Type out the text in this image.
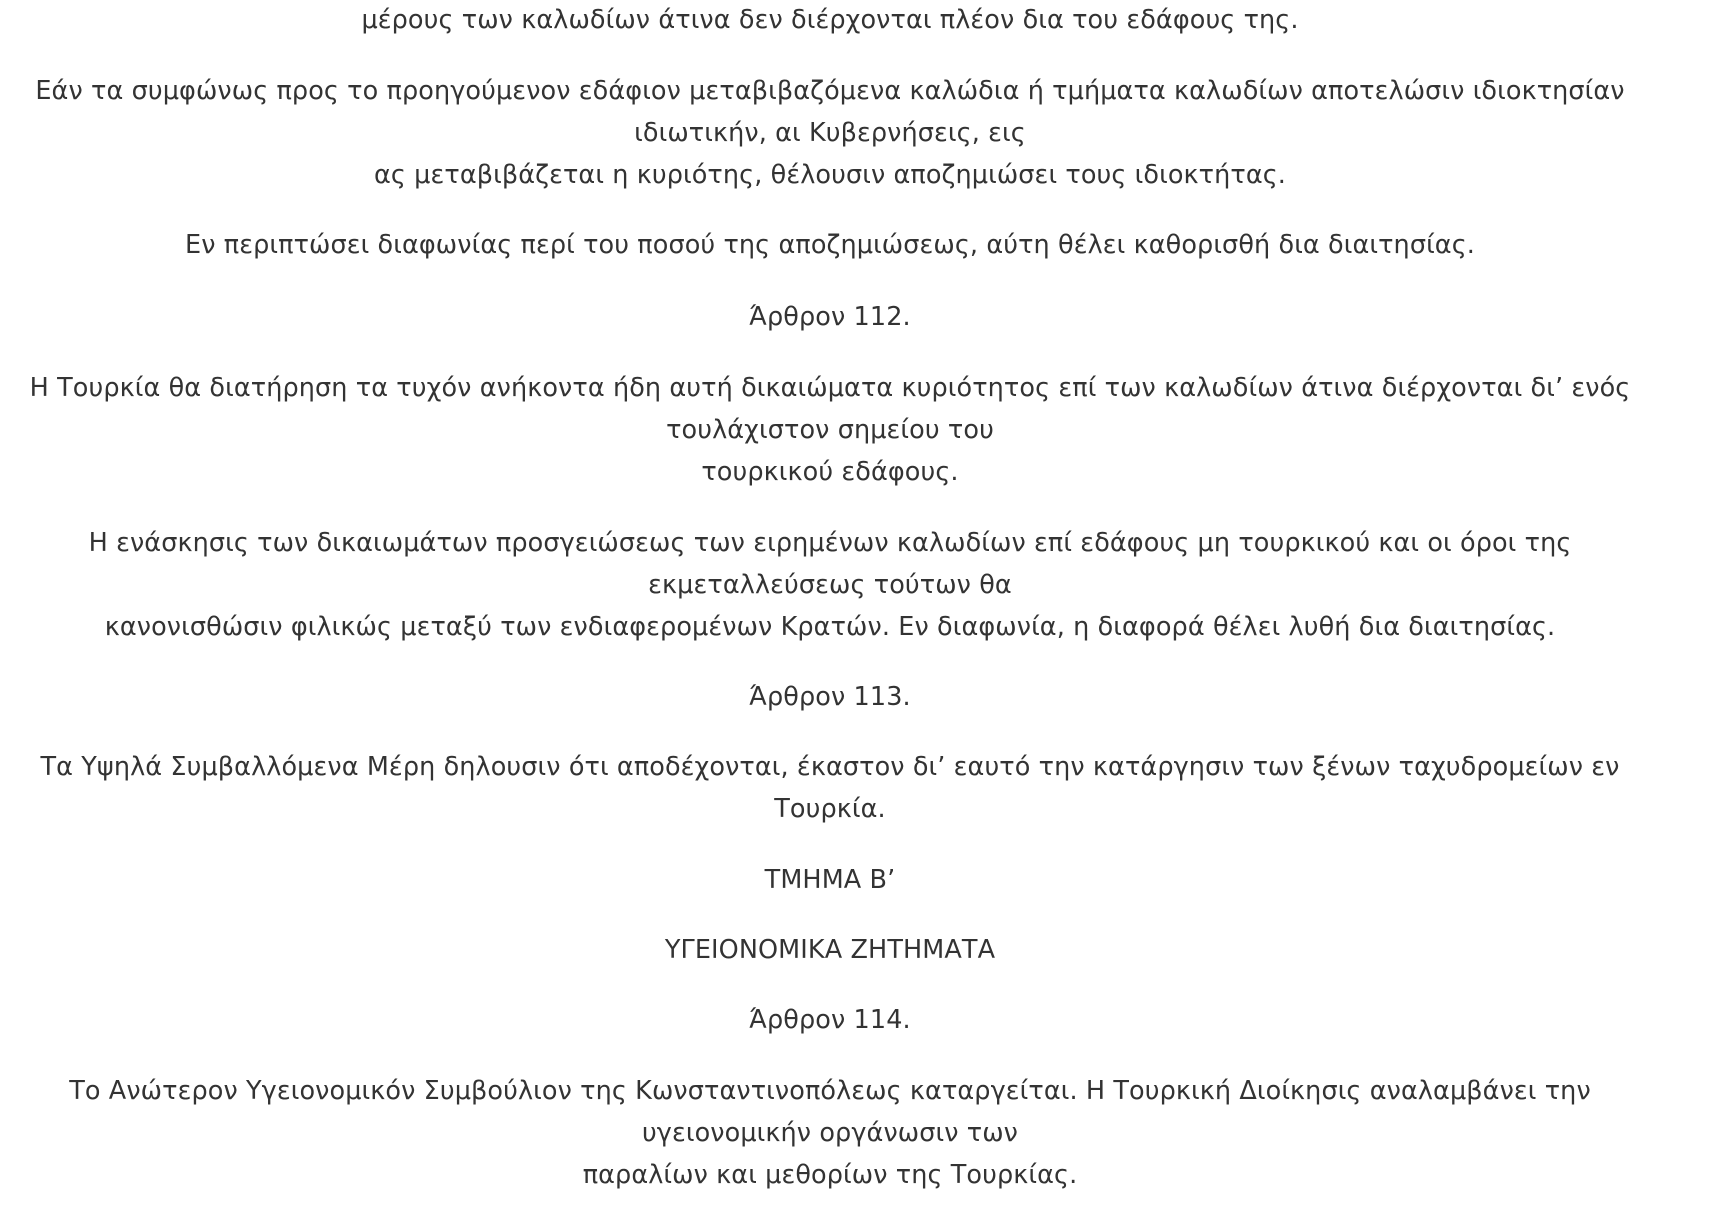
μέρους των καλωδίων άτινα δεν διέρχονται πλέον δια του εδάφους της.

Εάν τα συμφώνως προς το προηγούμενον εδάφιον μεταβιβαζόμενα καλώδια ή τμήματα καλωδίων αποτελώσιν ιδιοκτησίαν
ιδιωτικήν, αι Κυβερνήσεις, εις
ας μεταβιβάζεται η κυριότης, θέλουσιν αποζημιώσει τους ιδιοκτήτας.

Εν περιπτώσει διαφωνίας περί του ποσού της αποζημιώσεως, αύτη θέλει καθορισθή δια διαιτησίας.

Άρθρον 112.

Η Τουρκία θα διατήρηση τα τυχόν ανήκοντα ήδη αυτή δικαιώματα κυριότητος επί των καλωδίων άτινα διέρχονται δι’ ενός
τουλάχιστον σημείου του
τουρκικού εδάφους.

Η ενάσκησις των δικαιωμάτων προσγειώσεως των ειρημένων καλωδίων επί εδάφους μη τουρκικού και οι όροι της
εκμεταλλεύσεως τούτων θα
κανονισθώσιν φιλικώς μεταξύ των ενδιαφερομένων Κρατών. Εν διαφωνία, η διαφορά θέλει λυθή δια διαιτησίας.

Άρθρον 113.

Τα Υψηλά Συμβαλλόμενα Μέρη δηλουσιν ότι αποδέχονται, έκαστον δι’ εαυτό την κατάργησιν των ξένων ταχυδρομείων εν
Τουρκία.

ΤΜΗΜΑ Β’

ΥΓΕΙΟΝΟΜΙΚΑ ΖΗΤΗΜΑΤΑ

Άρθρον 114.

Το Ανώτερον Υγειονομικόν Συμβούλιον της Κωνσταντινοπόλεως καταργείται. Η Τουρκική Διοίκησις αναλαμβάνει την
υγειονομικήν οργάνωσιν των
παραλίων και μεθορίων της Τουρκίας.
